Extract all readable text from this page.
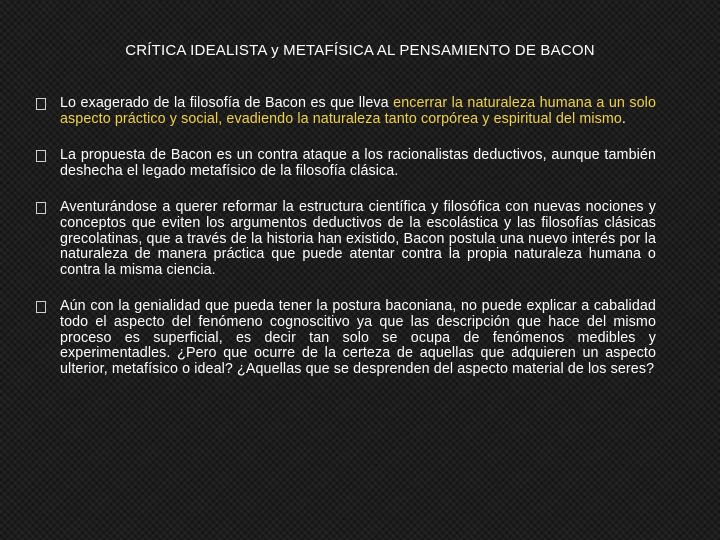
CRÍTICA IDEALISTA y METAFÍSICA AL PENSAMIENTO DE BACON
Lo exagerado de la filosofía de Bacon es que lleva encerrar la naturaleza humana a un solo aspecto práctico y social, evadiendo la naturaleza tanto corpórea y espiritual del mismo.
La propuesta de Bacon es un contra ataque a los racionalistas deductivos, aunque también deshecha el legado metafísico de la filosofía clásica.
Aventurándose a querer reformar la estructura científica y filosófica con nuevas nociones y conceptos que eviten los argumentos deductivos de la escolástica y las filosofías clásicas grecolatinas, que a través de la historia han existido, Bacon postula una nuevo interés por la naturaleza de manera práctica que puede atentar contra la propia naturaleza humana o contra la misma ciencia.
Aún con la genialidad que pueda tener la postura baconiana, no puede explicar a cabalidad todo el aspecto del fenómeno cognoscitivo ya que las descripción que hace del mismo proceso es superficial, es decir tan solo se ocupa de fenómenos medibles y experimentadles. ¿Pero que ocurre de la certeza de aquellas que adquieren un aspecto ulterior, metafísico o ideal? ¿Aquellas que se desprenden del aspecto material de los seres?
